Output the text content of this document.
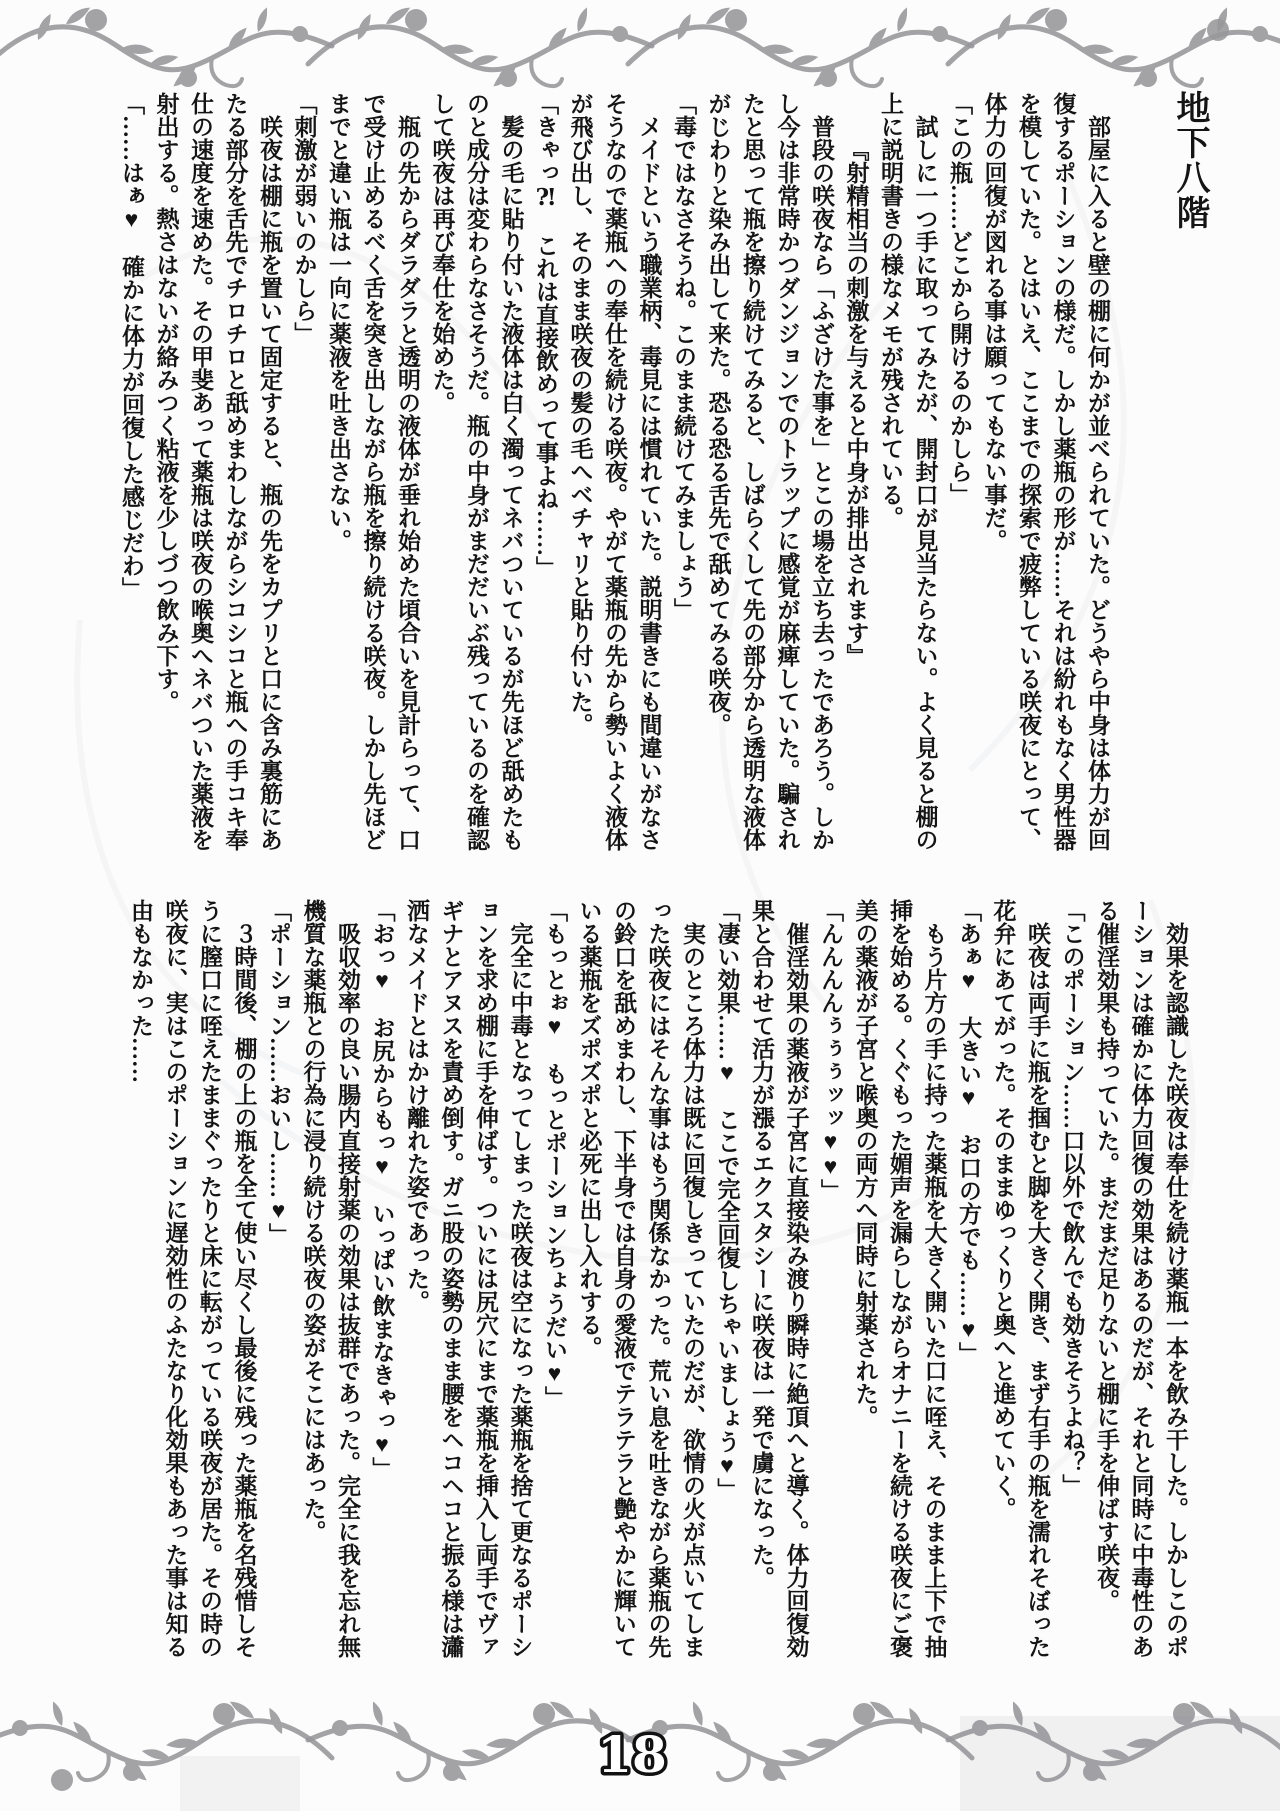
地下八階

部屋に入ると壁の棚に何かが並べられていた。どうやら中身は体力が回

復するポーションの様だ。しかし薬瓶の形が……それは紛れもなく男性器

を模していた。とはいえ、ここまでの探索で疲弊している咲夜にとって、

体力の回復が図れる事は願ってもない事だ。

「この瓶……どこから開けるのかしら」

試しに一つ手に取ってみたが、開封口が見当たらない。よく見ると棚の

上に説明書きの様なメモが残されている。

『射精相当の刺激を与えると中身が排出されます』

普段の咲夜なら「ふざけた事を」とこの場を立ち去ったであろう。しか

し今は非常時かつダンジョンでのトラップに感覚が麻痺していた。騙され

たと思って瓶を擦り続けてみると、しばらくして先の部分から透明な液体

がじわりと染み出して来た。恐る恐る舌先で舐めてみる咲夜。

「毒ではなさそうね。このまま続けてみましょう」

メイドという職業柄、毒見には慣れていた。説明書きにも間違いがなさ

そうなので薬瓶への奉仕を続ける咲夜。やがて薬瓶の先から勢いよく液体

が飛び出し、そのまま咲夜の髪の毛へベチャリと貼り付いた。

「きゃっ⁈　これは直接飲めって事よね……」

髪の毛に貼り付いた液体は白く濁ってネバついているが先ほど舐めたも

のと成分は変わらなさそうだ。瓶の中身がまだだいぶ残っているのを確認

して咲夜は再び奉仕を始めた。

瓶の先からダラダラと透明の液体が垂れ始めた頃合いを見計らって、口

で受け止めるべく舌を突き出しながら瓶を擦り続ける咲夜。しかし先ほど

までと違い瓶は一向に薬液を吐き出さない。

「刺激が弱いのかしら」

咲夜は棚に瓶を置いて固定すると、瓶の先をカプリと口に含み裏筋にあ

たる部分を舌先でチロチロと舐めまわしながらシコシコと瓶への手コキ奉

仕の速度を速めた。その甲斐あって薬瓶は咲夜の喉奥へネバついた薬液を

射出する。熱さはないが絡みつく粘液を少しづつ飲み下す。

「……はぁ♥　確かに体力が回復した感じだわ」

効果を認識した咲夜は奉仕を続け薬瓶一本を飲み干した。しかしこのポ

ーションは確かに体力回復の効果はあるのだが、それと同時に中毒性のあ

る催淫効果も持っていた。まだまだ足りないと棚に手を伸ばす咲夜。

「このポーション……口以外で飲んでも効きそうよね？」

咲夜は両手に瓶を掴むと脚を大きく開き、まず右手の瓶を濡れそぼった

花弁にあてがった。そのままゆっくりと奥へと進めていく。

「あぁ♥　大きい♥　お口の方でも……♥」

もう片方の手に持った薬瓶を大きく開いた口に咥え、そのまま上下で抽

挿を始める。くぐもった媚声を漏らしながらオナニーを続ける咲夜にご褒

美の薬液が子宮と喉奥の両方へ同時に射薬された。

「んんんんぅぅぅッッ♥♥」

催淫効果の薬液が子宮に直接染み渡り瞬時に絶頂へと導く。体力回復効

果と合わせて活力が漲るエクスタシーに咲夜は一発で虜になった。

「凄い効果……♥　ここで完全回復しちゃいましょう♥」

実のところ体力は既に回復しきっていたのだが、欲情の火が点いてしま

った咲夜にはそんな事はもう関係なかった。荒い息を吐きながら薬瓶の先

の鈴口を舐めまわし、下半身では自身の愛液でテラテラと艶やかに輝いて

いる薬瓶をズポズポと必死に出し入れする。

「もっとぉ♥　もっとポーションちょうだい♥」

完全に中毒となってしまった咲夜は空になった薬瓶を捨て更なるポーシ

ョンを求め棚に手を伸ばす。ついには尻穴にまで薬瓶を挿入し両手でヴァ

ギナとアヌスを責め倒す。ガニ股の姿勢のまま腰をヘコヘコと振る様は瀟

洒なメイドとはかけ離れた姿であった。

「おっ♥　お尻からもっ♥　いっぱい飲まなきゃっ♥」

吸収効率の良い腸内直接射薬の効果は抜群であった。完全に我を忘れ無

機質な薬瓶との行為に浸り続ける咲夜の姿がそこにはあった。

「ポーション……おいし……♥」

３時間後、棚の上の瓶を全て使い尽くし最後に残った薬瓶を名残惜しそ

うに膣口に咥えたままぐったりと床に転がっている咲夜が居た。その時の

咲夜に、実はこのポーションに遅効性のふたなり化効果もあった事は知る

由もなかった……

18
